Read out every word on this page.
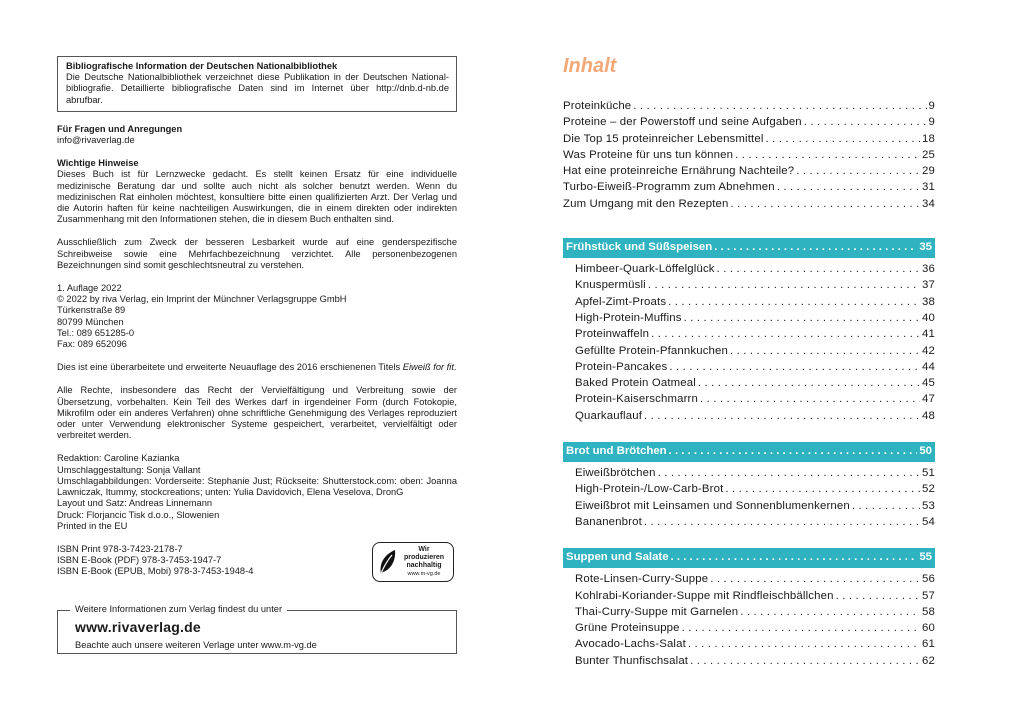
Bibliografische Information der Deutschen Nationalbibliothek
Die Deutsche Nationalbibliothek verzeichnet diese Publikation in der Deutschen National-bibliografie. Detaillierte bibliografische Daten sind im Internet über http://dnb.d-nb.de abrufbar.
Für Fragen und Anregungen
info@rivaverlag.de
Wichtige Hinweise
Dieses Buch ist für Lernzwecke gedacht. Es stellt keinen Ersatz für eine individuelle medizinische Beratung dar und sollte auch nicht als solcher benutzt werden. Wenn du medizinischen Rat einholen möchtest, konsultiere bitte einen qualifizierten Arzt. Der Verlag und die Autorin haften für keine nachteiligen Auswirkungen, die in einem direkten oder indirekten Zusammenhang mit den Informationen stehen, die in diesem Buch enthalten sind.
Ausschließlich zum Zweck der besseren Lesbarkeit wurde auf eine genderspezifische Schreibweise sowie eine Mehrfachbezeichnung verzichtet. Alle personenbezogenen Bezeichnungen sind somit geschlechtsneutral zu verstehen.
1. Auflage 2022
© 2022 by riva Verlag, ein Imprint der Münchner Verlagsgruppe GmbH
Türkenstraße 89
80799 München
Tel.: 089 651285-0
Fax: 089 652096
Dies ist eine überarbeitete und erweiterte Neuauflage des 2016 erschienenen Titels Eiweiß for fit.
Alle Rechte, insbesondere das Recht der Vervielfältigung und Verbreitung sowie der Übersetzung, vorbehalten. Kein Teil des Werkes darf in irgendeiner Form (durch Fotokopie, Mikrofilm oder ein anderes Verfahren) ohne schriftliche Genehmigung des Verlages reproduziert oder unter Verwendung elektronischer Systeme gespeichert, verarbeitet, vervielfältigt oder verbreitet werden.
Redaktion: Caroline Kazianka
Umschlaggestaltung: Sonja Vallant
Umschlagabbildungen: Vorderseite: Stephanie Just; Rückseite: Shutterstock.com: oben: Joanna Lawniczak, Itummy, stockcreations; unten: Yulia Davidovich, Elena Veselova, DronG
Layout und Satz: Andreas Linnemann
Druck: Florjancic Tisk d.o.o., Slowenien
Printed in the EU
ISBN Print 978-3-7423-2178-7
ISBN E-Book (PDF) 978-3-7453-1947-7
ISBN E-Book (EPUB, Mobi) 978-3-7453-1948-4
Wir produzieren
nachhaltig
www.m-vg.de
Weitere Informationen zum Verlag findest du unter
www.rivaverlag.de
Beachte auch unsere weiteren Verlage unter www.m-vg.de
Inhalt
Proteinküche . . .	9
Proteine – der Powerstoff und seine Aufgaben . . .	9
Die Top 15 proteinreicher Lebensmittel . . .	18
Was Proteine für uns tun können . . .	25
Hat eine proteinreiche Ernährung Nachteile? . . .	29
Turbo-Eiweiß-Programm zum Abnehmen . . .	31
Zum Umgang mit den Rezepten . . .	34
Frühstück und Süßspeisen . . .	35
Himbeer-Quark-Löffelglück . . .	36
Knuspermüsli . . .	37
Apfel-Zimt-Proats . . .	38
High-Protein-Muffins . . .	40
Proteinwaffeln . . .	41
Gefüllte Protein-Pfannkuchen . . .	42
Protein-Pancakes . . .	44
Baked Protein Oatmeal . . .	45
Protein-Kaiserschmarrn . . .	47
Quarkauflauf . . .	48
Brot und Brötchen . . .	50
Eiweißbrötchen . . .	51
High-Protein-/Low-Carb-Brot . . .	52
Eiweißbrot mit Leinsamen und Sonnenblumenkernen . . .	53
Bananenbrot . . .	54
Suppen und Salate . . .	55
Rote-Linsen-Curry-Suppe . . .	56
Kohlrabi-Koriander-Suppe mit Rindfleischbällchen . . .	57
Thai-Curry-Suppe mit Garnelen . . .	58
Grüne Proteinsuppe . . .	60
Avocado-Lachs-Salat . . .	61
Bunter Thunfischsalat . . .	62
